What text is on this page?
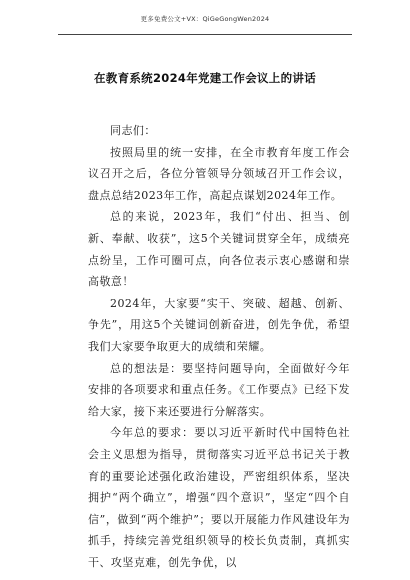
更多免费公文+VX：QiGeGongWen2024
在教育系统2024年党建工作会议上的讲话

同志们：

按照局里的统一安排，在全市教育年度工作会议召开之后，各位分管领导分领域召开工作会议，盘点总结2023年工作，高起点谋划2024年工作。

总的来说，2023年，我们“付出、担当、创新、奉献、收获”，这5个关键词贯穿全年，成绩亮点纷呈，工作可圈可点，向各位表示衷心感谢和崇高敬意！

2024年，大家要“实干、突破、超越、创新、争先”，用这5个关键词创新奋进，创先争优，希望我们大家要争取更大的成绩和荣耀。

总的想法是：要坚持问题导向，全面做好今年安排的各项要求和重点任务。《工作要点》已经下发给大家，接下来还要进行分解落实。

今年总的要求：要以习近平新时代中国特色社会主义思想为指导，贯彻落实习近平总书记关于教育的重要论述强化政治建设，严密组织体系，坚决拥护“两个确立”，增强“四个意识”，坚定“四个自信”，做到“两个维护”；要以开展能力作风建设年为抓手，持续完善党组织领导的校长负责制，真抓实干、攻坚克难，创先争优，以
